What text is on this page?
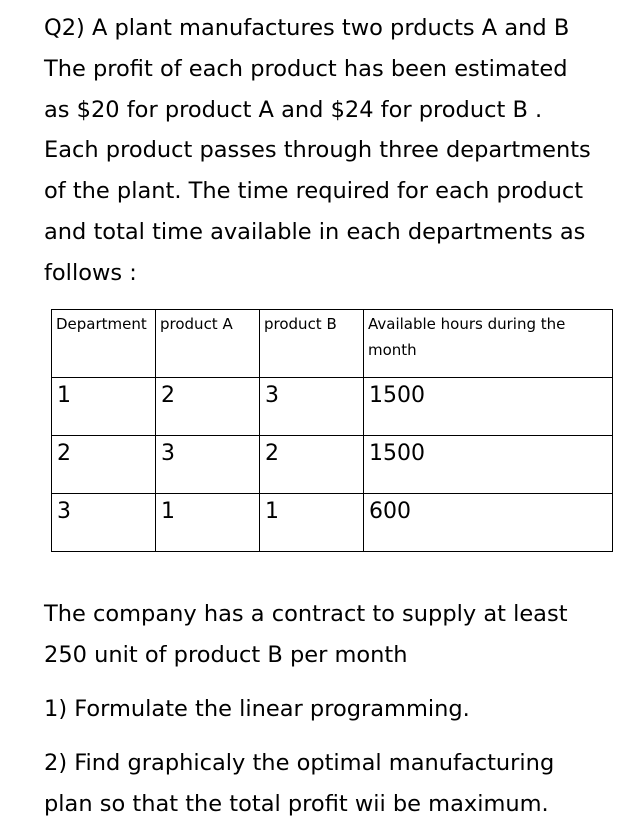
Q2) A plant manufactures two prducts A and B
The profit of each product has been estimated
as $20 for product A and $24 for product B .
Each product passes through three departments
of the plant. The time required for each product
and total time available in each departments as
follows :
Department	product A	product B	Available hours during the month
1	2	3	1500
2	3	2	1500
3	1	1	600
The company has a contract to supply at least
250 unit of product B per month
1) Formulate the linear programming.
2) Find graphicaly the optimal manufacturing
plan so that the total profit wii be maximum.
